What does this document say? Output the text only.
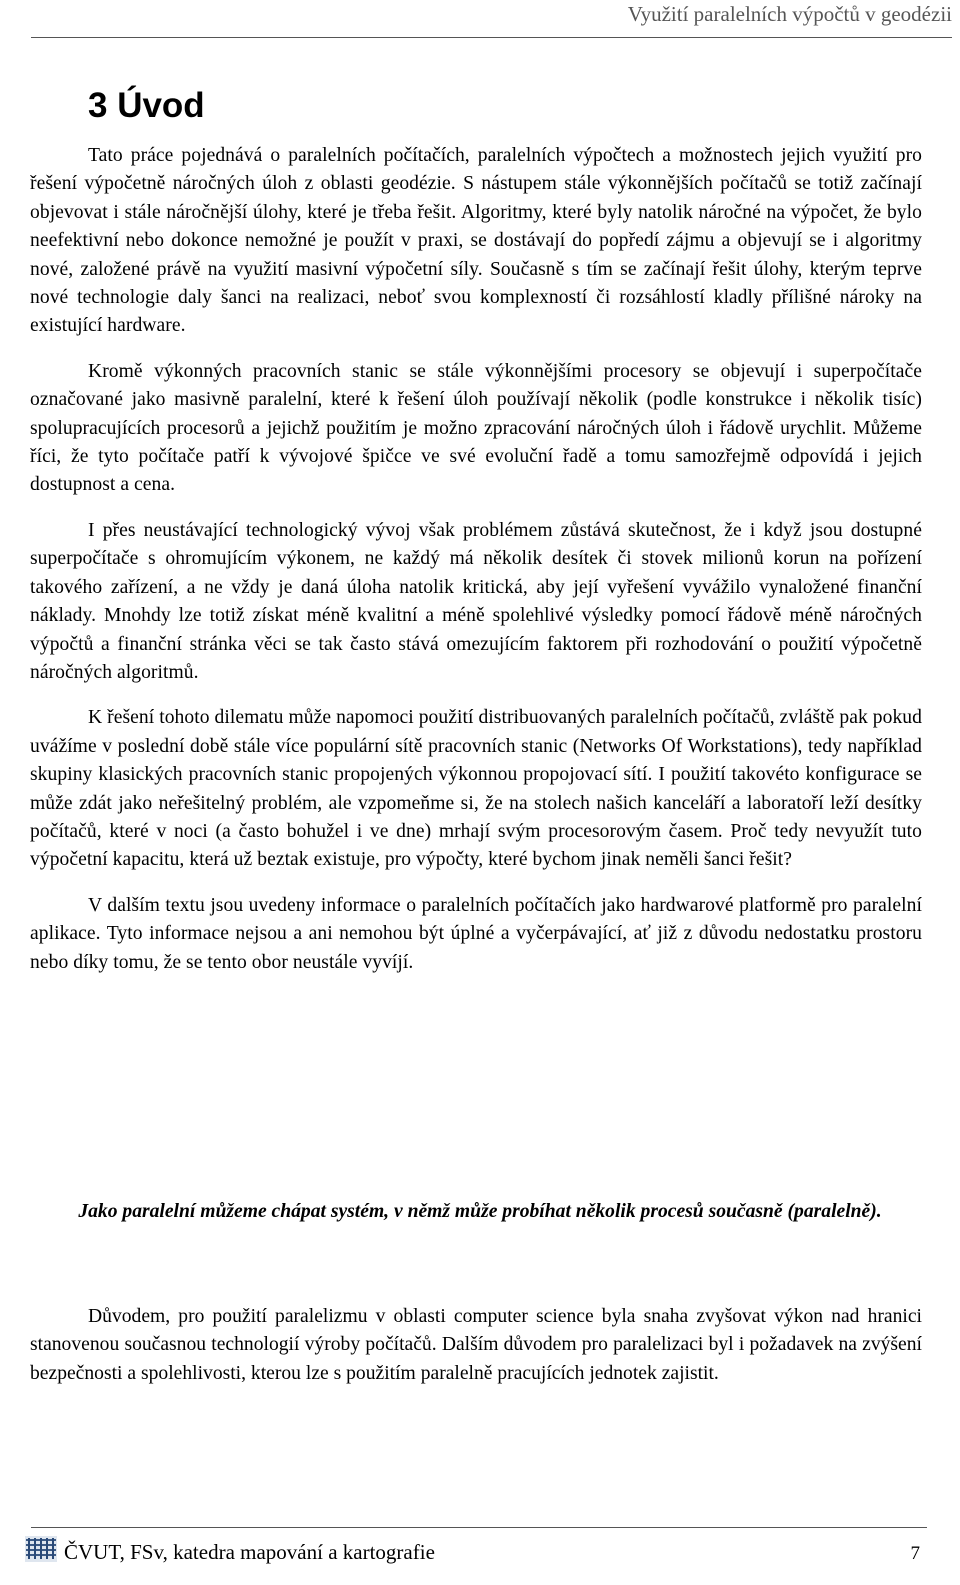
Využití paralelních výpočtů v geodézii
3 Úvod

Tato práce pojednává o paralelních počítačích, paralelních výpočtech a možnostech jejich využití pro řešení výpočetně náročných úloh z oblasti geodézie. S nástupem stále výkonnějších počítačů se totiž začínají objevovat i stále náročnější úlohy, které je třeba řešit. Algoritmy, které byly natolik náročné na výpočet, že bylo neefektivní nebo dokonce nemožné je použít v praxi, se dostávají do popředí zájmu a objevují se i algoritmy nové, založené právě na využití masivní výpočetní síly. Současně s tím se začínají řešit úlohy, kterým teprve nové technologie daly šanci na realizaci, neboť svou komplexností či rozsáhlostí kladly přílišné nároky na existující hardware.

Kromě výkonných pracovních stanic se stále výkonnějšími procesory se objevují i superpočítače označované jako masivně paralelní, které k řešení úloh používají několik (podle konstrukce i několik tisíc) spolupracujících procesorů a jejichž použitím je možno zpracování náročných úloh i řádově urychlit. Můžeme říci, že tyto počítače patří k vývojové špičce ve své evoluční řadě a tomu samozřejmě odpovídá i jejich dostupnost a cena.

I přes neustávající technologický vývoj však problémem zůstává skutečnost, že i když jsou dostupné superpočítače s ohromujícím výkonem, ne každý má několik desítek či stovek milionů korun na pořízení takového zařízení, a ne vždy je daná úloha natolik kritická, aby její vyřešení vyvážilo vynaložené finanční náklady. Mnohdy lze totiž získat méně kvalitní a méně spolehlivé výsledky pomocí řádově méně náročných výpočtů a finanční stránka věci se tak často stává omezujícím faktorem při rozhodování o použití výpočetně náročných algoritmů.

K řešení tohoto dilematu může napomoci použití distribuovaných paralelních počítačů, zvláště pak pokud uvážíme v poslední době stále více populární sítě pracovních stanic (Networks Of Workstations), tedy například skupiny klasických pracovních stanic propojených výkonnou propojovací sítí. I použití takovéto konfigurace se může zdát jako neřešitelný problém, ale vzpomeňme si, že na stolech našich kanceláří a laboratoří leží desítky počítačů, které v noci (a často bohužel i ve dne) mrhají svým procesorovým časem. Proč tedy nevyužít tuto výpočetní kapacitu, která už beztak existuje, pro výpočty, které bychom jinak neměli šanci řešit?

V dalším textu jsou uvedeny informace o paralelních počítačích jako hardwarové platformě pro paralelní aplikace. Tyto informace nejsou a ani nemohou být úplné a vyčerpávající, ať již z důvodu nedostatku prostoru nebo díky tomu, že se tento obor neustále vyvíjí.

Jako paralelní můžeme chápat systém, v němž může probíhat několik procesů současně (paralelně).

Důvodem, pro použití paralelizmu v oblasti computer science byla snaha zvyšovat výkon nad hranici stanovenou současnou technologií výroby počítačů. Dalším důvodem pro paralelizaci byl i požadavek na zvýšení bezpečnosti a spolehlivosti, kterou lze s použitím paralelně pracujících jednotek zajistit.

ČVUT, FSv, katedra mapování a kartografie	7
